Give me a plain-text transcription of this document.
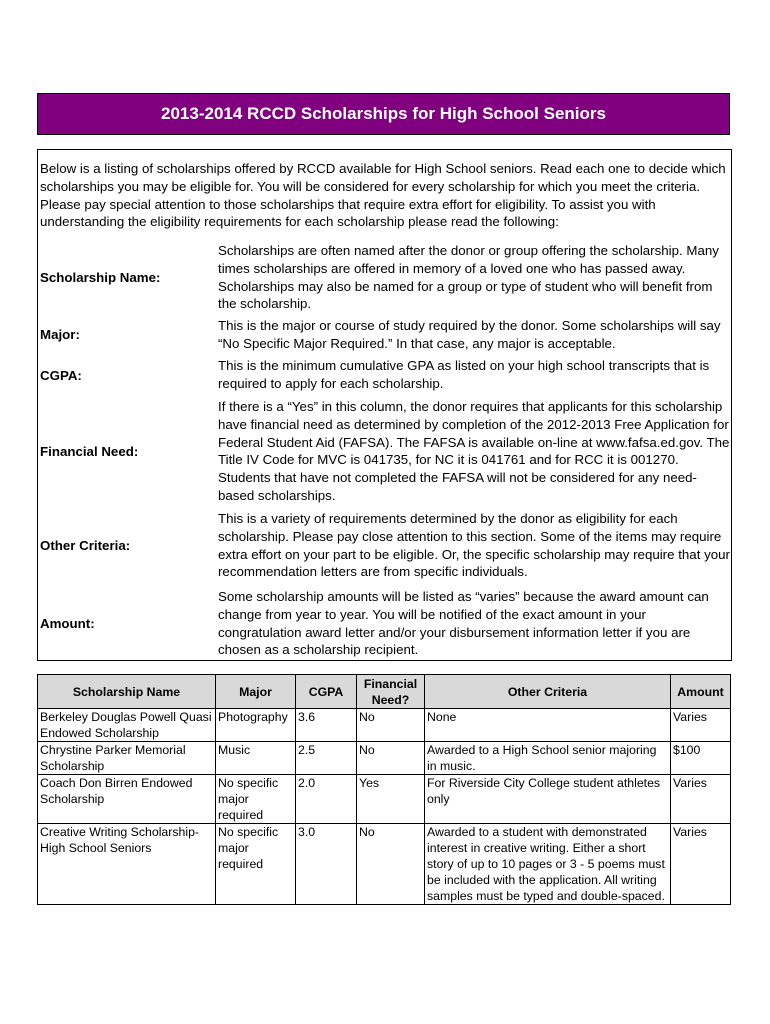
2013-2014 RCCD Scholarships for High School Seniors
Below is a listing of scholarships offered by RCCD available for High School seniors. Read each one to decide which scholarships you may be eligible for. You will be considered for every scholarship for which you meet the criteria. Please pay special attention to those scholarships that require extra effort for eligibility. To assist you with understanding the eligibility requirements for each scholarship please read the following:
Scholarship Name:
Scholarships are often named after the donor or group offering the scholarship. Many times scholarships are offered in memory of a loved one who has passed away. Scholarships may also be named for a group or type of student who will benefit from the scholarship.
Major:
This is the major or course of study required by the donor. Some scholarships will say “No Specific Major Required.” In that case, any major is acceptable.
CGPA:
This is the minimum cumulative GPA as listed on your high school transcripts that is required to apply for each scholarship.
Financial Need:
If there is a “Yes” in this column, the donor requires that applicants for this scholarship have financial need as determined by completion of the 2012-2013 Free Application for Federal Student Aid (FAFSA). The FAFSA is available on-line at www.fafsa.ed.gov. The Title IV Code for MVC is 041735, for NC it is 041761 and for RCC it is 001270. Students that have not completed the FAFSA will not be considered for any need-based scholarships.
Other Criteria:
This is a variety of requirements determined by the donor as eligibility for each scholarship. Please pay close attention to this section. Some of the items may require extra effort on your part to be eligible. Or, the specific scholarship may require that your recommendation letters are from specific individuals.
Amount:
Some scholarship amounts will be listed as “varies” because the award amount can change from year to year. You will be notified of the exact amount in your congratulation award letter and/or your disbursement information letter if you are chosen as a scholarship recipient.
Scholarship Name	Major	CGPA	Financial Need?	Other Criteria	Amount
Berkeley Douglas Powell Quasi Endowed Scholarship	Photography	3.6	No	None	Varies
Chrystine Parker Memorial Scholarship	Music	2.5	No	Awarded to a High School senior majoring in music.	$100
Coach Don Birren Endowed Scholarship	No specific major required	2.0	Yes	For Riverside City College student athletes only	Varies
Creative Writing Scholarship-High School Seniors	No specific major required	3.0	No	Awarded to a student with demonstrated interest in creative writing. Either a short story of up to 10 pages or 3 - 5 poems must be included with the application. All writing samples must be typed and double-spaced.	Varies
